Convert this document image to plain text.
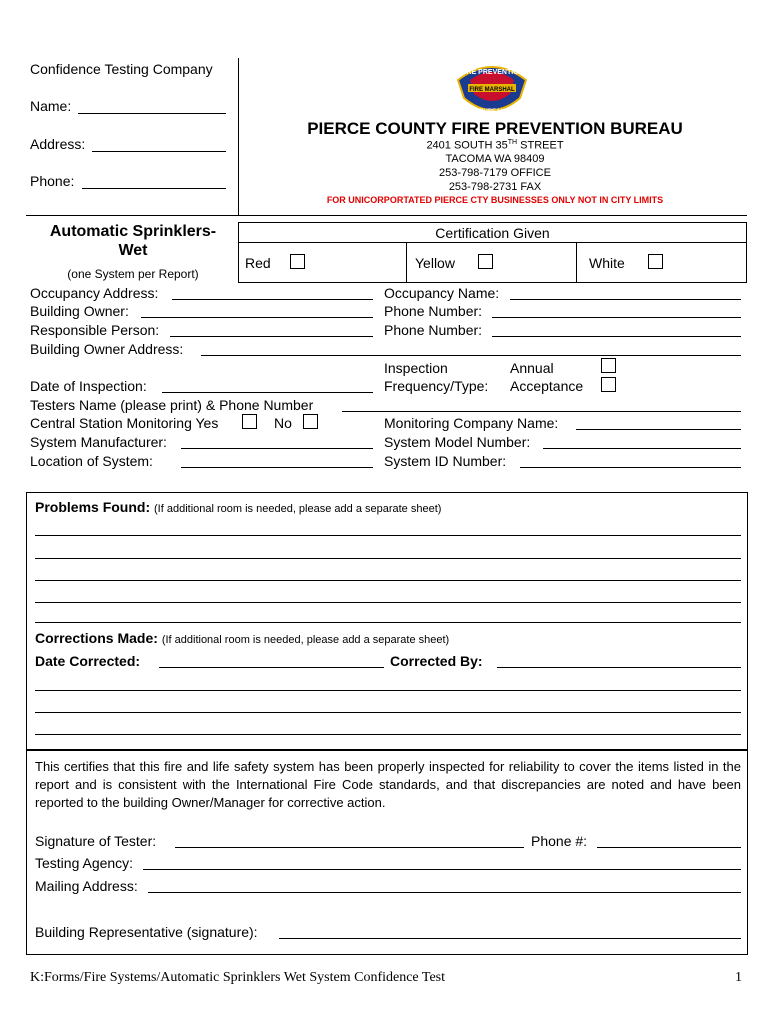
Confidence Testing Company
Name:
Address:
Phone:
FIRE PREVENTION
FIRE MARSHAL
BUREAU
PIERCE COUNTY FIRE PREVENTION BUREAU
2401 SOUTH 35TH STREET
TACOMA WA 98409
253-798-7179 OFFICE
253-798-2731 FAX
FOR UNICORPORTATED PIERCE CTY BUSINESSES ONLY NOT IN CITY LIMITS
Automatic Sprinklers-
Wet
(one System per Report)
Certification Given
Red	Yellow	White
Occupancy Address:	Occupancy Name:
Building Owner:	Phone Number:
Responsible Person:	Phone Number:
Building Owner Address:
Inspection	Annual
Date of Inspection:	Frequency/Type: Acceptance
Testers Name (please print) & Phone Number
Central Station Monitoring Yes	No	Monitoring Company Name:
System Manufacturer:	System Model Number:
Location of System:	System ID Number:
Problems Found: (If additional room is needed, please add a separate sheet)
Corrections Made: (If additional room is needed, please add a separate sheet)
Date Corrected:	Corrected By:
This certifies that this fire and life safety system has been properly inspected for reliability to cover the items listed in the report and is consistent with the International Fire Code standards, and that discrepancies are noted and have been reported to the building Owner/Manager for corrective action.
Signature of Tester:	Phone #:
Testing Agency:
Mailing Address:
Building Representative (signature):
K:Forms/Fire Systems/Automatic Sprinklers Wet System Confidence Test	1
